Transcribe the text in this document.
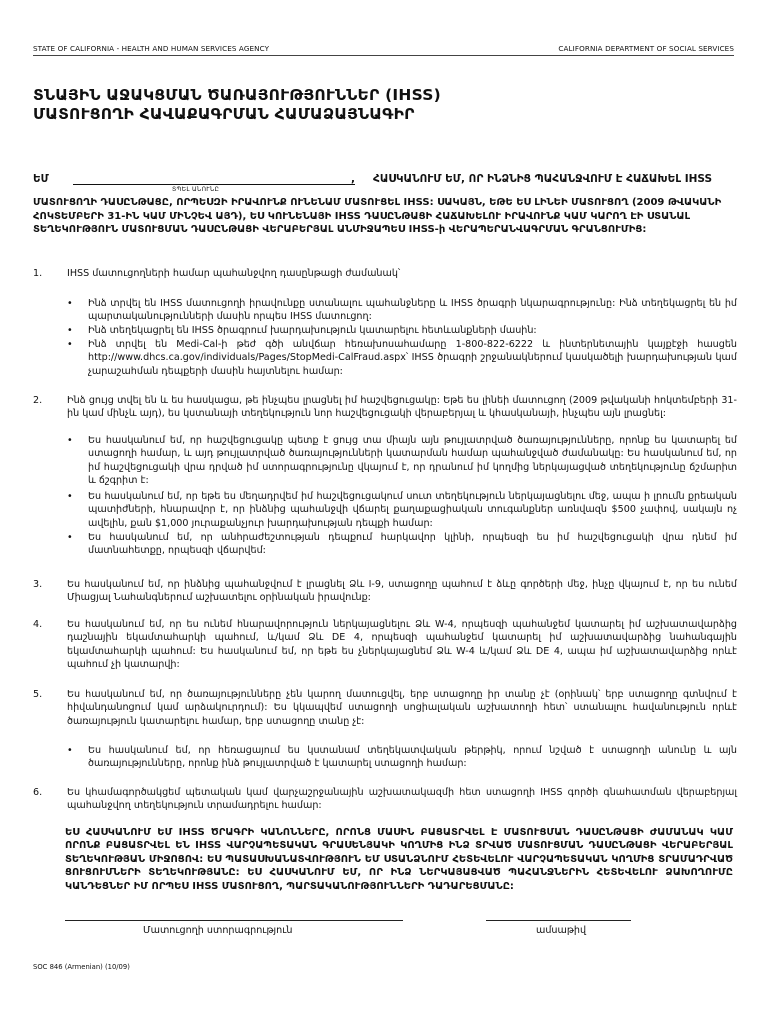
STATE OF CALIFORNIA - HEALTH AND HUMAN SERVICES AGENCY	CALIFORNIA DEPARTMENT OF SOCIAL SERVICES
ՏՆԱՅԻՆ ԱՋԱԿՑՄԱՆ ԾԱՌԱՅՈՒԹՅՈՒՆՆԵՐ (IHSS)
ՄԱՏՈՒՑՈՂԻ ՀԱՎԱՔԱԳՐՄԱՆ ՀԱՄԱՁԱՅՆԱԳԻՐ
ԵՄ	, ՀԱՍԿԱՆՈՒՄ ԵՄ, ՈՐ ԻՆՁՆԻՑ ՊԱՀԱՆՋՎՈՒՄ Է ՀԱՃԱԽԵԼ IHSS
ՏՊԵԼ ԱՆՈՒՆԸ
ՄԱՏՈՒՑՈՂԻ ԴԱՍԸՆԹԱՑԸ, ՈՐՊԵՍԶԻ ԻՐԱՎՈՒՆՔ ՈՒՆԵՆԱՄ ՄԱՏՈՒՑԵԼ IHSS: ՍԱԿԱՅՆ, ԵԹԵ ԵՍ ԼԻՆԵԻ ՄԱՏՈՒՑՈՂ (2009 ԹՎԱԿԱՆԻ ՀՈԿՏԵՄԲԵՐԻ 31-ԻՆ ԿԱՄ ՄԻՆՉԵՎ ԱՅԴ), ԵՍ ԿՈՒՆԵՆԱՅԻ IHSS ԴԱՍԸՆԹԱՑԻ ՀԱՃԱԽԵԼՈՒ ԻՐԱՎՈՒՆՔ ԿԱՄ ԿԱՐՈՂ ԷԻ ՍՏԱՆԱԼ ՏԵՂԵԿՈՒԹՅՈՒՆ ՄԱՏՈՒՑՄԱՆ ԴԱՍԸՆԹԱՑԻ ՎԵՐԱԲԵՐՅԱԼ ԱՆՄԻՋԱՊԵՍ IHSS-ի ՎԵՐԱՊԵՐԱՆՎԱԳՐՄԱՆ ԳՐԱՆՑՈՒՄԻՑ:
1.	IHSS մատուցողների համար պահանջվող դասընթացի ժամանակ՝
• Ինձ տրվել են IHSS մատուցողի իրավունքը ստանալու պահանջները և IHSS ծրագրի նկարագրությունը: Ինձ տեղեկացրել են իմ պարտականությունների մասին որպես IHSS մատուցող:
• Ինձ տեղեկացրել են IHSS ծրագրում խարդախություն կատարելու հետևանքների մասին:
• Ինձ տրվել են Medi-Cal-ի թեժ գծի անվճար հեռախոսահամարը 1-800-822-6222 և ինտերնետային կայքէջի հասցեն http://www.dhcs.ca.gov/individuals/Pages/StopMedi-CalFraud.aspx՝ IHSS ծրագրի շրջանակներում կասկածելի խարդախության կամ չարաշահման դեպքերի մասին հայտնելու համար:
2.	Ինձ ցույց տվել են և ես հասկացա, թե ինչպես լրացնել իմ հաշվեցուցակը: Եթե ես լինեի մատուցող (2009 թվականի հոկտեմբերի 31-ին կամ մինչև այդ), ես կստանայի տեղեկություն նոր հաշվեցուցակի վերաբերյալ և կհասկանայի, ինչպես այն լրացնել:
• Ես հասկանում եմ, որ հաշվեցուցակը պետք է ցույց տա միայն այն թույլատրված ծառայությունները, որոնք ես կատարել եմ ստացողի համար, և այդ թույլատրված ծառայությունների կատարման համար պահանջված ժամանակը: Ես հասկանում եմ, որ իմ հաշվեցուցակի վրա դրված իմ ստորագրությունը վկայում է, որ դրանում իմ կողմից ներկայացված տեղեկությունը ճշմարիտ և ճշգրիտ է:
• Ես հասկանում եմ, որ եթե ես մեղադրվեմ իմ հաշվեցուցակում սուտ տեղեկություն ներկայացնելու մեջ, ապա ի լրումն քրեական պատիժների, հնարավոր է, որ ինձնից պահանջվի վճարել քաղաքացիական տուգանքներ առնվազն $500 չափով, սակայն ոչ ավելին, քան $1,000 յուրաքանչյուր խարդախության դեպքի համար:
• Ես հասկանում եմ, որ անհրաժեշտության դեպքում հարկավոր կլինի, որպեսզի ես իմ հաշվեցուցակի վրա դնեմ իմ մատնահետքը, որպեսզի վճարվեմ:
3.	Ես հասկանում եմ, որ ինձնից պահանջվում է լրացնել Ձև I-9, ստացողը պահում է ձևը գործերի մեջ, ինչը վկայում է, որ ես ունեմ Միացյալ Նահանգներում աշխատելու օրինական իրավունք:
4.	Ես հասկանում եմ, որ ես ունեմ հնարավորություն ներկայացնելու Ձև W-4, որպեսզի պահանջեմ կատարել իմ աշխատավարձից դաշնային եկամտահարկի պահում, և/կամ Ձև DE 4, որպեսզի պահանջեմ կատարել իմ աշխատավարձից նահանգային եկամտահարկի պահում: Ես հասկանում եմ, որ եթե ես չներկայացնեմ Ձև W-4 և/կամ Ձև DE 4, ապա իմ աշխատավարձից որևէ պահում չի կատարվի:
5.	Ես հասկանում եմ, որ ծառայությունները չեն կարող մատուցվել, երբ ստացողը իր տանը չէ (օրինակ՝ երբ ստացողը գտնվում է հիվանդանոցում կամ արձակուրդում): Ես կկապվեմ ստացողի սոցիալական աշխատողի հետ՝ ստանալու հավանություն որևէ ծառայություն կատարելու համար, երբ ստացողը տանը չէ:
• Ես հասկանում եմ, որ հեռացայում ես կստանամ տեղեկատվական թերթիկ, որում նշված է ստացողի անունը և այն ծառայությունները, որոնք ինձ թույլատրված է կատարել ստացողի համար:
6.	Ես կհամագործակցեմ պետական կամ վարչաշրջանային աշխատակազմի հետ ստացողի IHSS գործի գնահատման վերաբերյալ պահանջվող տեղեկություն տրամադրելու համար:
ԵՍ ՀԱՍԿԱՆՈՒՄ ԵՄ IHSS ԾՐԱԳՐԻ ԿԱՆՈՆՆԵՐԸ, ՈՐՈՆՑ ՄԱՍԻՆ ԲԱՑԱՏՐՎԵԼ Է ՄԱՏՈՒՑՄԱՆ ԴԱՍԸՆԹԱՑԻ ԺԱՄԱՆԱԿ ԿԱՄ ՈՐՈՆՔ ԲԱՑԱՏՐՎԵԼ ԵՆ IHSS ՎԱՐՉԱՊԵՏԱԿԱՆ ԳՐԱՍԵՆՅԱԿԻ ԿՈՂՄԻՑ ԻՆՁ ՏՐՎԱԾ ՄԱՏՈՒՑՄԱՆ ԴԱՍԸՆԹԱՑԻ ՎԵՐԱԲԵՐՅԱԼ ՏԵՂԵԿՈՒԹՅԱՆ ՄԻՋՈՑՈՎ: ԵՍ ՊԱՏԱՍԽԱՆԱՏՎՈՒԹՅՈՒՆ ԵՄ ՍՏԱՆՁՆՈՒՄ ՀԵՏԵՎԵԼՈՒ ՎԱՐՉԱՊԵՏԱԿԱՆ ԿՈՂՄԻՑ ՏՐԱՄԱԴՐՎԱԾ ՑՈՒՑՈՒՄՆԵՐԻ ՏԵՂԵԿՈՒԹՅԱՆԸ: ԵՍ ՀԱՍԿԱՆՈՒՄ ԵՄ, ՈՐ ԻՆՁ ՆԵՐԿԱՅԱՑՎԱԾ ՊԱՀԱՆՋՆԵՐԻՆ ՀԵՏԵՎԵԼՈՒ ՁԱԽՈՂՈՒՄԸ ԿԱՆԴԵՑՆԵՐ ԻՄ ՈՐՊԵՍ IHSS ՄԱՏՈՒՑՈՂ, ՊԱՐՏԱԿԱՆՈՒԹՅՈՒՆՆԵՐԻ ԴԱԴԱՐԵՑՄԱՆԸ:
Մատուցողի ստորագրություն	ամսաթիվ
SOC 846 (Armenian) (10/09)
